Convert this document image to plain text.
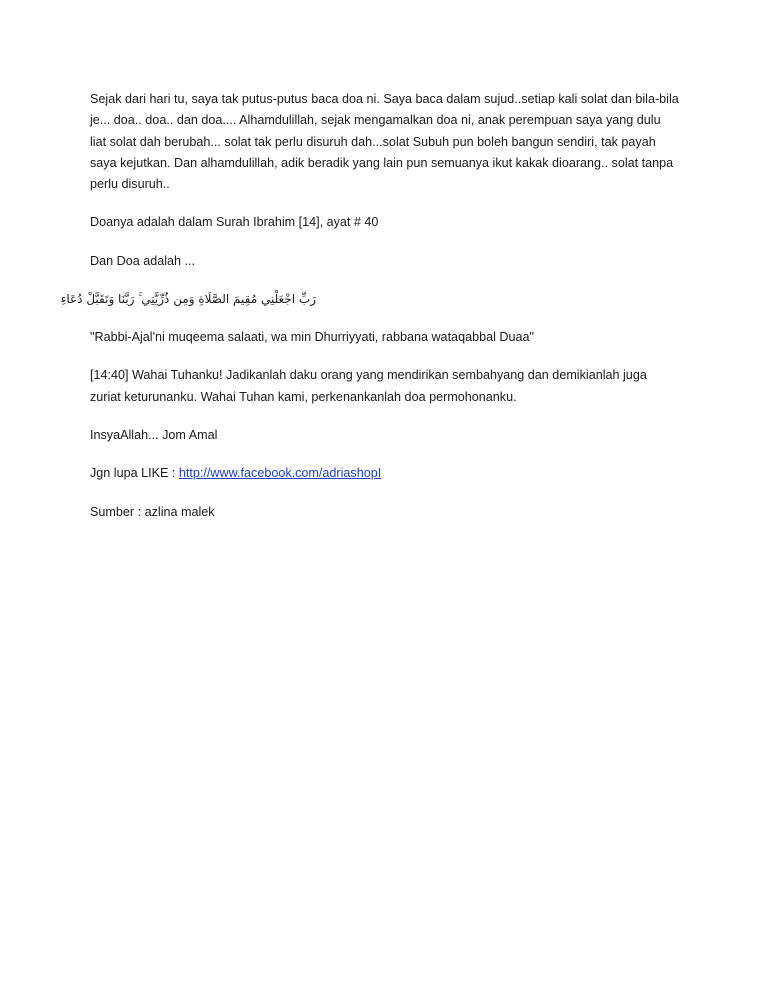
Sejak dari hari tu, saya tak putus-putus baca doa ni. Saya baca dalam sujud..setiap kali solat dan bila-bila
je... doa.. doa.. dan doa.... Alhamdulillah, sejak mengamalkan doa ni, anak perempuan saya yang dulu
liat solat dah berubah... solat tak perlu disuruh dah...solat Subuh pun boleh bangun sendiri, tak payah
saya kejutkan. Dan alhamdulillah, adik beradik yang lain pun semuanya ikut kakak dioarang.. solat tanpa
perlu disuruh..

Doanya adalah dalam Surah Ibrahim [14], ayat # 40

Dan Doa adalah ...

رَبِّ اجْعَلْنِي مُقِيمَ الصَّلَاةِ وَمِن ذُرِّيَّتِي ۚ رَبَّنَا وَتَقَبَّلْ دُعَاءِ

"Rabbi-Ajal'ni muqeema salaati, wa min Dhurriyyati, rabbana wataqabbal Duaa"

[14:40] Wahai Tuhanku! Jadikanlah daku orang yang mendirikan sembahyang dan demikianlah juga
zuriat keturunanku. Wahai Tuhan kami, perkenankanlah doa permohonanku.

InsyaAllah... Jom Amal

Jgn lupa LIKE : http://www.facebook.com/adriashopI

Sumber : azlina malek
